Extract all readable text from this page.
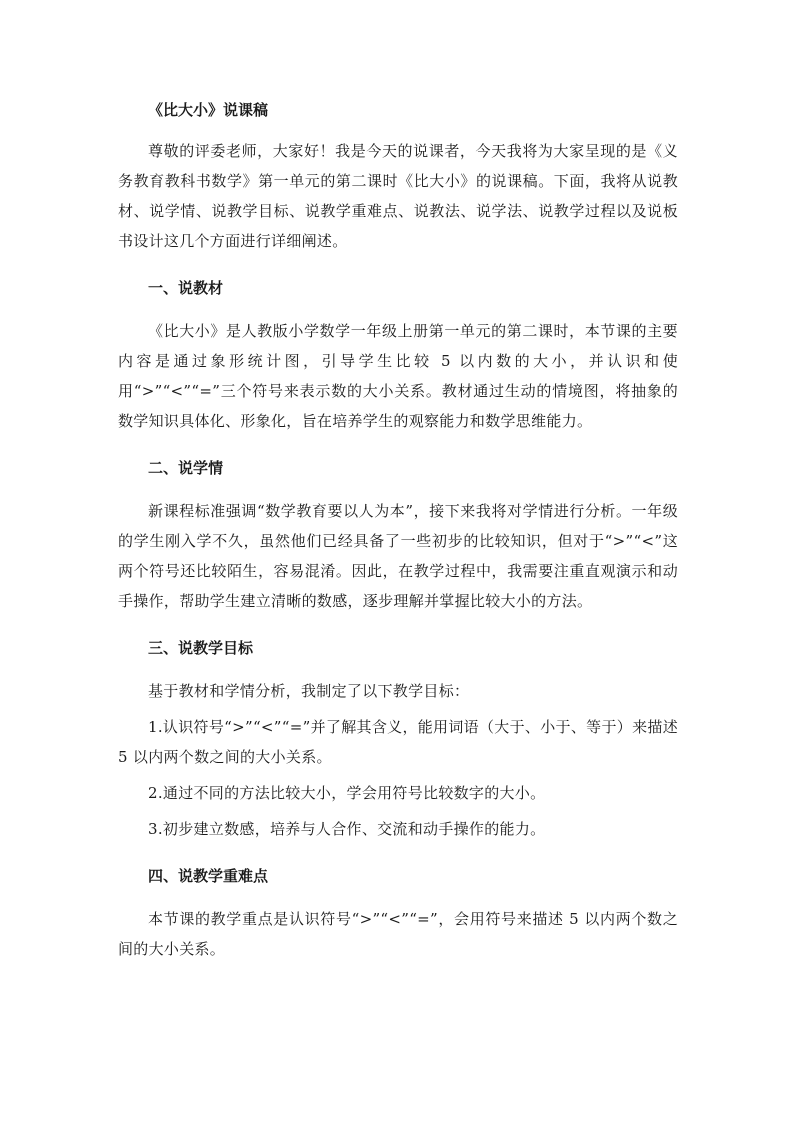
《比大小》说课稿

尊敬的评委老师，大家好！我是今天的说课者，今天我将为大家呈现的是《义务教育教科书数学》第一单元的第二课时《比大小》的说课稿。下面，我将从说教材、说学情、说教学目标、说教学重难点、说教法、说学法、说教学过程以及说板书设计这几个方面进行详细阐述。

一、说教材

《比大小》是人教版小学数学一年级上册第一单元的第二课时，本节课的主要内容是通过象形统计图，引导学生比较 5 以内数的大小，并认识和使用“>”“<”“=”三个符号来表示数的大小关系。教材通过生动的情境图，将抽象的数学知识具体化、形象化，旨在培养学生的观察能力和数学思维能力。

二、说学情

新课程标准强调“数学教育要以人为本”，接下来我将对学情进行分析。一年级的学生刚入学不久，虽然他们已经具备了一些初步的比较知识，但对于“>”“<”这两个符号还比较陌生，容易混淆。因此，在教学过程中，我需要注重直观演示和动手操作，帮助学生建立清晰的数感，逐步理解并掌握比较大小的方法。

三、说教学目标

基于教材和学情分析，我制定了以下教学目标：

1.认识符号“>”“<”“=”并了解其含义，能用词语（大于、小于、等于）来描述 5 以内两个数之间的大小关系。

2.通过不同的方法比较大小，学会用符号比较数字的大小。

3.初步建立数感，培养与人合作、交流和动手操作的能力。

四、说教学重难点

本节课的教学重点是认识符号“>”“<”“=”，会用符号来描述 5 以内两个数之间的大小关系。
